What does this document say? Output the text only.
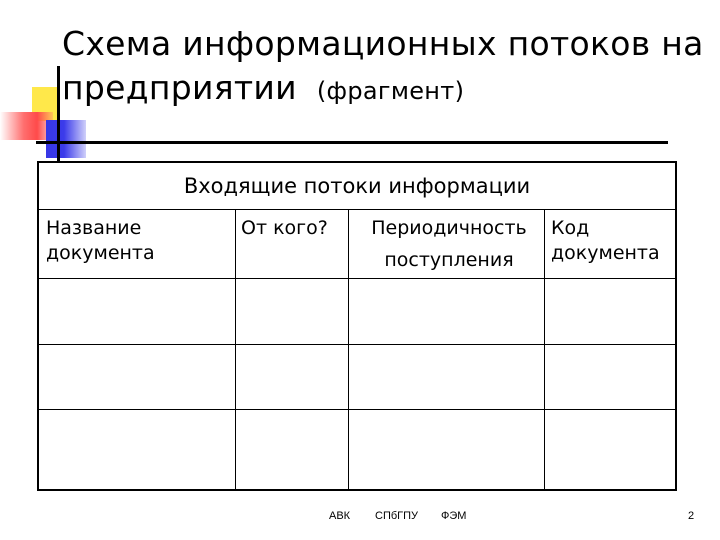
Схема информационных потоков на
предприятии (фрагмент)
Входящие потоки информации
Название
документа
От кого?	Периодичность
поступления
Код
документа
АВК СПбГПУ ФЭМ	2
